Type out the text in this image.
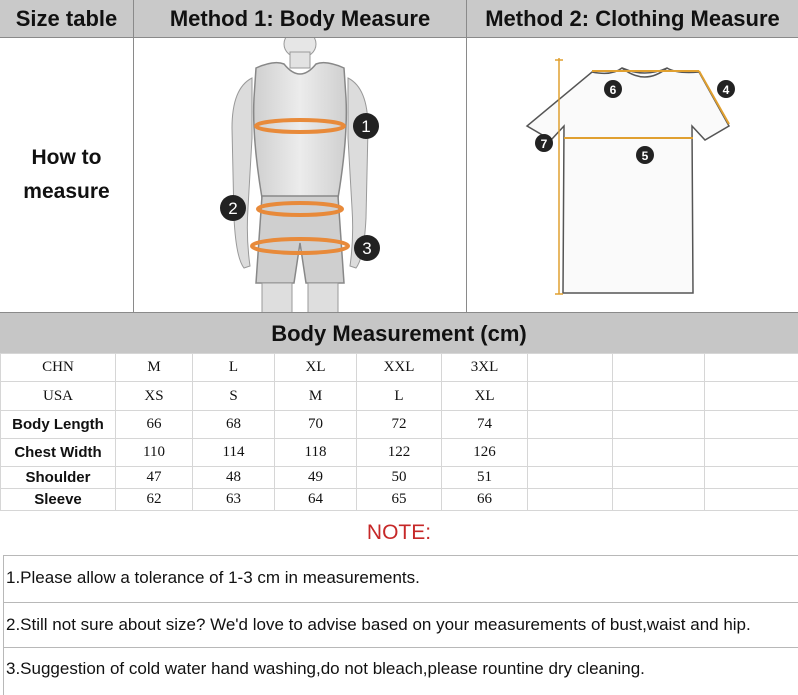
Size table	Method 1: Body Measure	Method 2: Clothing Measure
How to
measure
1
2
3
6	4
7
5
Body Measurement (cm)
CHN	M	L	XL	XXL	3XL			
USA	XS	S	M	L	XL			
Body Length	66	68	70	72	74			
Chest Width	110	114	118	122	126			
Shoulder	47	48	49	50	51			
Sleeve	62	63	64	65	66			
NOTE:
1.Please allow a tolerance of 1-3 cm in measurements.
2.Still not sure about size? We'd love to advise based on your measurements of bust,waist and hip.
3.Suggestion of cold water hand washing,do not bleach,please rountine dry cleaning.
